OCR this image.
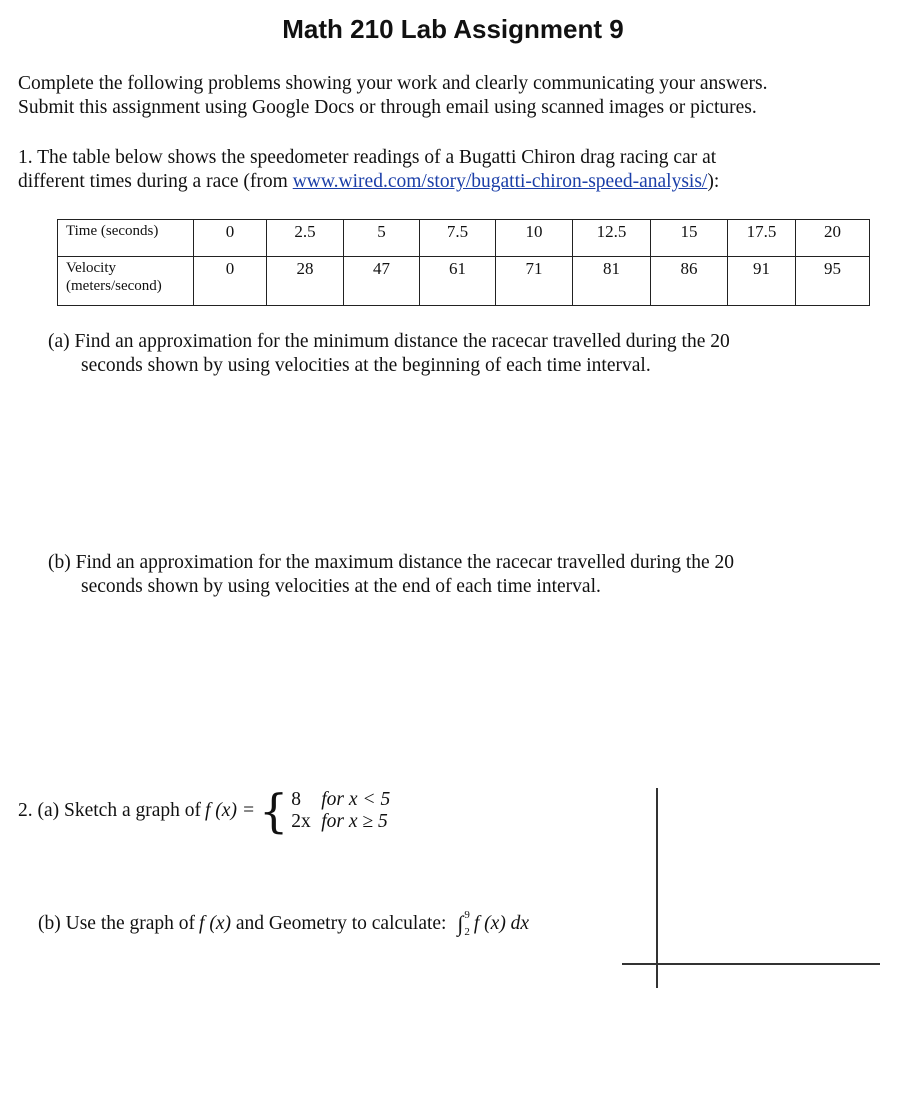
Math 210 Lab Assignment 9
Complete the following problems showing your work and clearly communicating your answers.
Submit this assignment using Google Docs or through email using scanned images or pictures.
1. The table below shows the speedometer readings of a Bugatti Chiron drag racing car at
different times during a race (from www.wired.com/story/bugatti-chiron-speed-analysis/):
Time (seconds)	0	2.5	5	7.5	10	12.5	15	17.5	20

Velocity
(meters/second)	0	28	47	61	71	81	86	91	95
(a) Find an approximation for the minimum distance the racecar travelled during the 20
seconds shown by using velocities at the beginning of each time interval.
(b) Find an approximation for the maximum distance the racecar travelled during the 20
seconds shown by using velocities at the end of each time interval.
2. (a) Sketch a graph of f (x) = { 8 for x < 5
2x for x ≥ 5
(b) Use the graph of f (x) and Geometry to calculate: ∫ 9
2 f (x) dx
